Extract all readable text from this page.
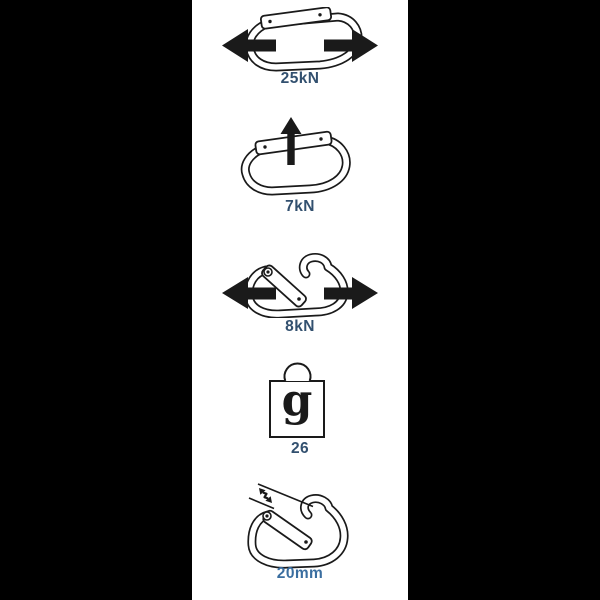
25kN
7kN
8kN
g
26
20mm
